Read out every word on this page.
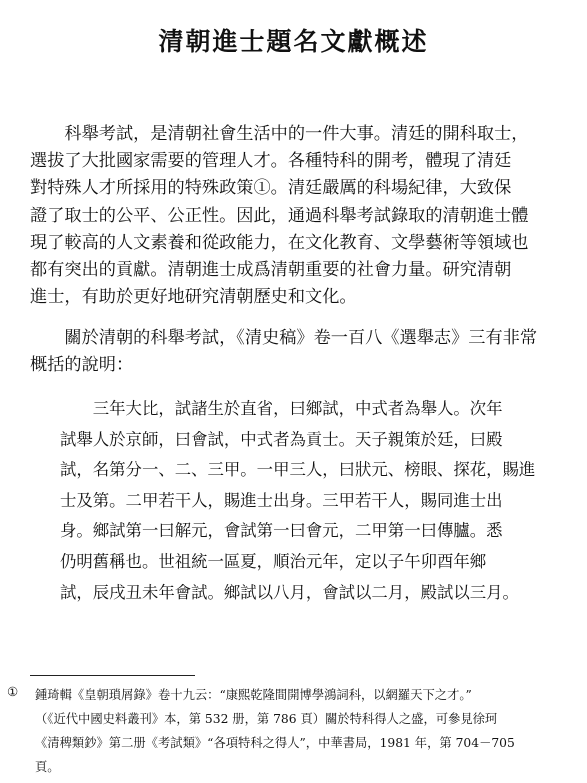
清朝進士題名文獻概述
　　科舉考試，是清朝社會生活中的一件大事。清廷的開科取士，
選拔了大批國家需要的管理人才。各種特科的開考，體現了清廷
對特殊人才所採用的特殊政策①。清廷嚴厲的科場紀律，大致保
證了取士的公平、公正性。因此，通過科舉考試錄取的清朝進士體
現了較高的人文素養和從政能力，在文化教育、文學藝術等領域也
都有突出的貢獻。清朝進士成爲清朝重要的社會力量。研究清朝
進士，有助於更好地研究清朝歷史和文化。
　　關於清朝的科舉考試，《清史稿》卷一百八《選舉志》三有非常
概括的說明：
　　三年大比，試諸生於直省，曰鄉試，中式者為舉人。次年
試舉人於京師，曰會試，中式者為貢士。天子親策於廷，曰殿
試，名第分一、二、三甲。一甲三人，曰狀元、榜眼、探花，賜進
士及第。二甲若干人，賜進士出身。三甲若干人，賜同進士出
身。鄉試第一曰解元，會試第一曰會元，二甲第一曰傳臚。悉
仍明舊稱也。世祖統一區夏，順治元年，定以子午卯酉年鄉
試，辰戌丑未年會試。鄉試以八月，會試以二月，殿試以三月。
① 鍾琦輯《皇朝瑣屑錄》卷十九云：“康熙乾隆間開博學鴻詞科，以網羅天下之才。”
（《近代中國史料叢刊》本，第 532 册，第 786 頁）關於特科得人之盛，可參見徐珂
《清稗類鈔》第二册《考試類》“各項特科之得人”，中華書局，1981 年，第 704－705
頁。
